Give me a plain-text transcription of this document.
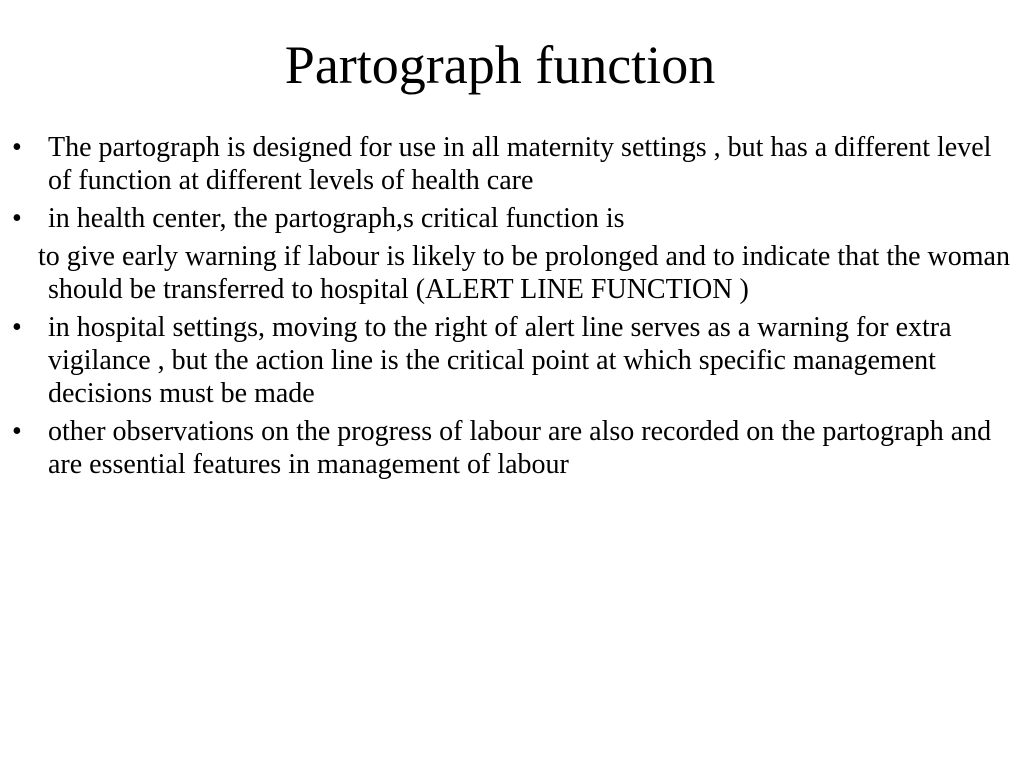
Partograph function
• The partograph is designed for use in all maternity settings , but has a different level of function at different levels of health care
• in health center, the partograph,s critical function is
to give early warning if labour is likely to be prolonged and to indicate that the woman should be transferred to hospital (ALERT LINE FUNCTION )
• in hospital settings, moving to the right of alert line serves as a warning for extra vigilance , but the action line is the critical point at which specific management decisions must be made
• other observations on the progress of labour are also recorded on the partograph and are essential features in management of labour
